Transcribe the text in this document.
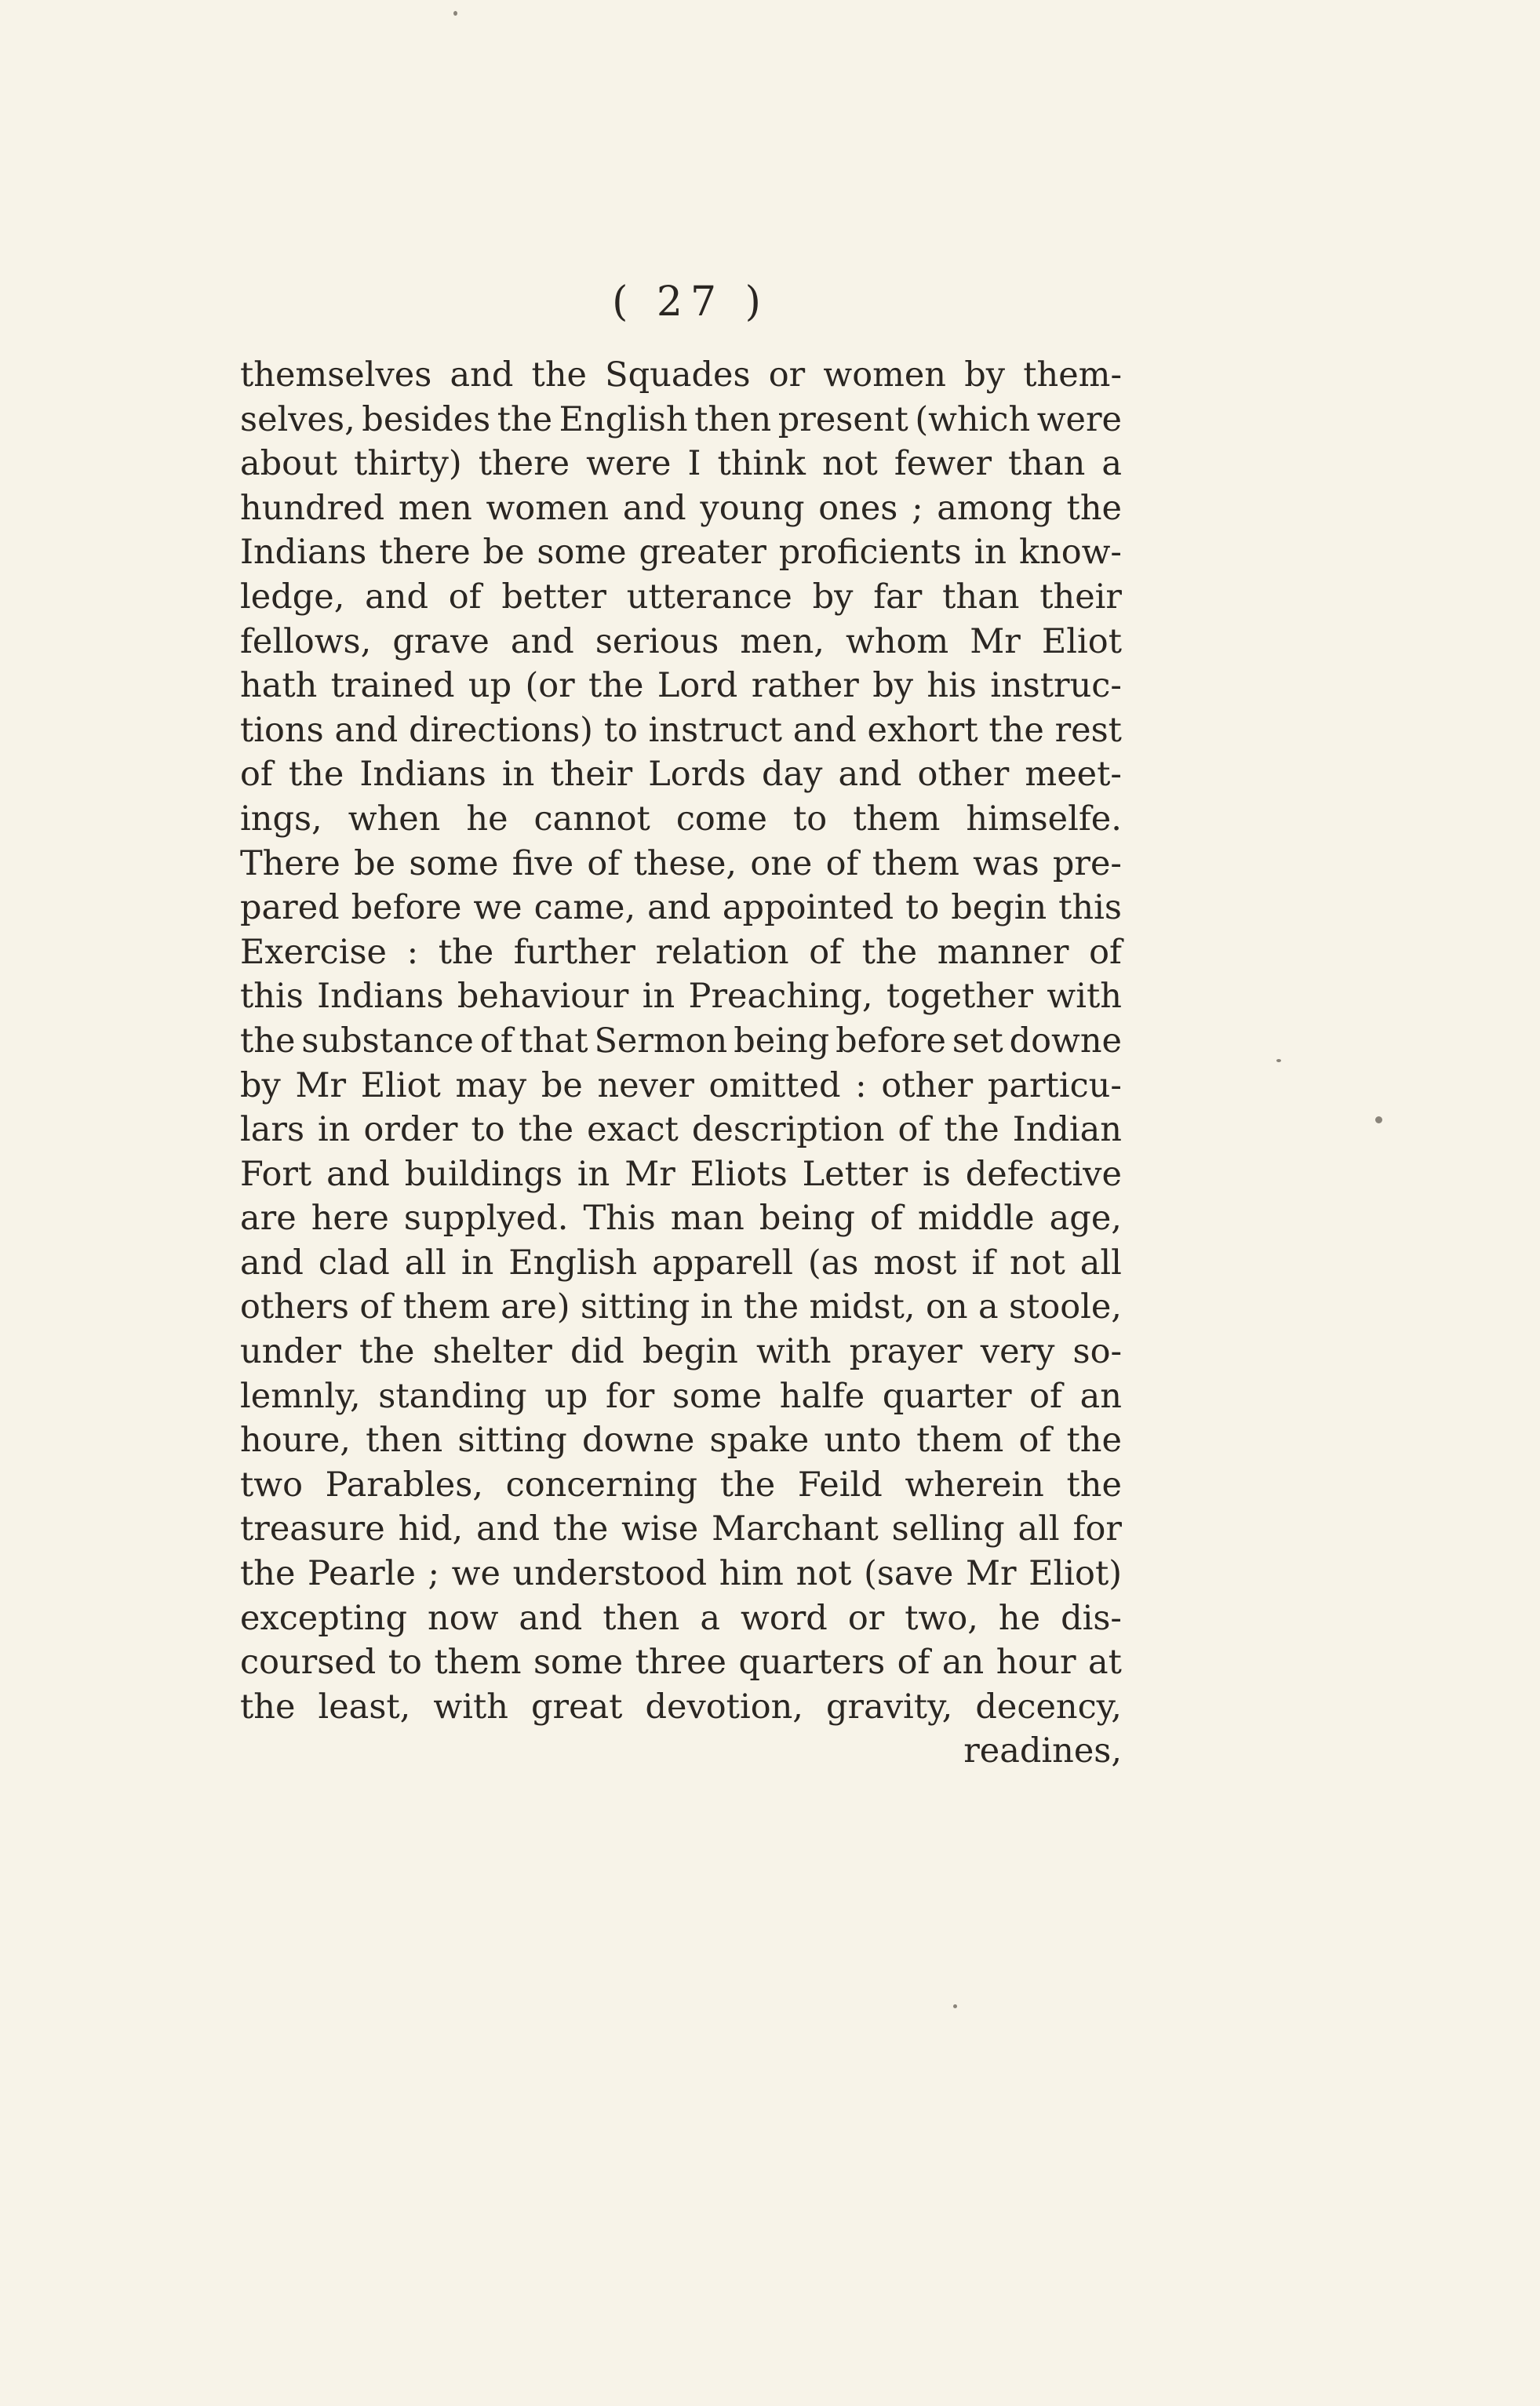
( 27 )
themselves and the Squades or women by them-
selves, besides the English then present (which were
about thirty) there were I think not fewer than a
hundred men women and young ones ; among the
Indians there be some greater proficients in know-
ledge, and of better utterance by far than their
fellows, grave and serious men, whom Mr Eliot
hath trained up (or the Lord rather by his instruc-
tions and directions) to instruct and exhort the rest
of the Indians in their Lords day and other meet-
ings, when he cannot come to them himselfe.
There be some five of these, one of them was pre-
pared before we came, and appointed to begin this
Exercise : the further relation of the manner of
this Indians behaviour in Preaching, together with
the substance of that Sermon being before set downe
by Mr Eliot may be never omitted : other particu-
lars in order to the exact description of the Indian
Fort and buildings in Mr Eliots Letter is defective
are here supplyed. This man being of middle age,
and clad all in English apparell (as most if not all
others of them are) sitting in the midst, on a stoole,
under the shelter did begin with prayer very so-
lemnly, standing up for some halfe quarter of an
houre, then sitting downe spake unto them of the
two Parables, concerning the Feild wherein the
treasure hid, and the wise Marchant selling all for
the Pearle ; we understood him not (save Mr Eliot)
excepting now and then a word or two, he dis-
coursed to them some three quarters of an hour at
the least, with great devotion, gravity, decency,
readines,
